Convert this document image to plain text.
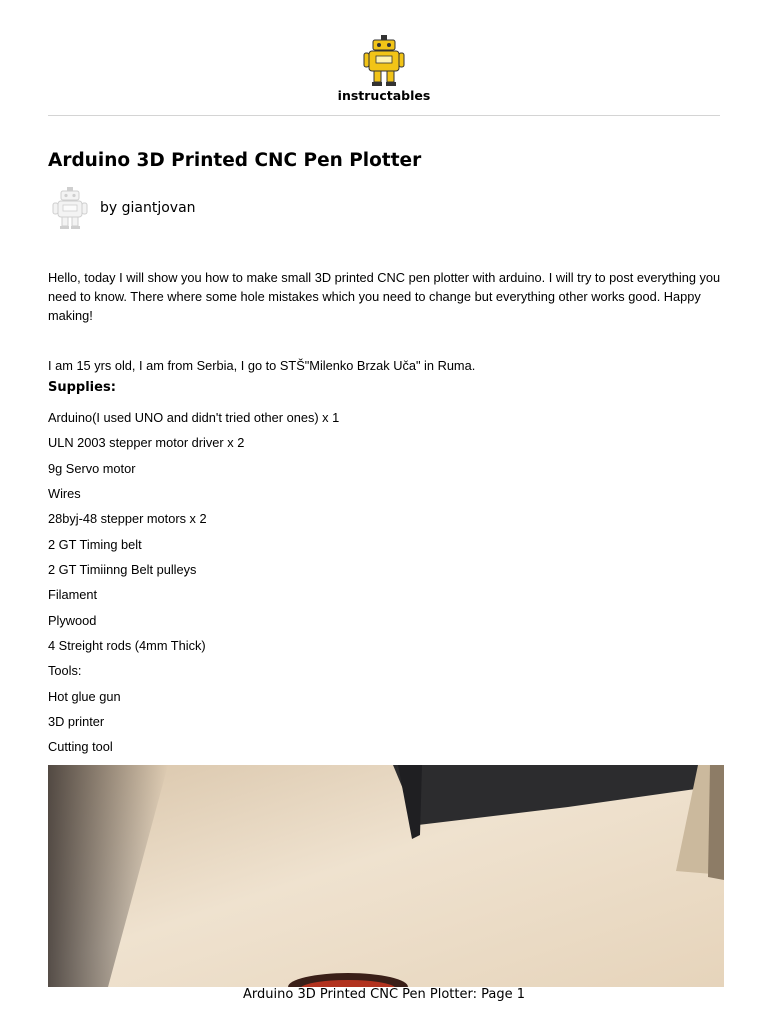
instructables
Arduino 3D Printed CNC Pen Plotter
by giantjovan

Hello, today I will show you how to make small 3D printed CNC pen plotter with arduino. I will try to post everything you need to know. There where some hole mistakes which you need to change but everything other works good. Happy making!

I am 15 yrs old, I am from Serbia, I go to STŠ"Milenko Brzak Uča" in Ruma.

Supplies:
Arduino(I used UNO and didn't tried other ones) x 1
ULN 2003 stepper motor driver x 2
9g Servo motor
Wires
28byj-48 stepper motors x 2
2 GT Timing belt
2 GT Timiinng Belt pulleys
Filament
Plywood
4 Streight rods (4mm Thick)
Tools:
Hot glue gun
3D printer
Cutting tool
Arduino 3D Printed CNC Pen Plotter: Page 1
